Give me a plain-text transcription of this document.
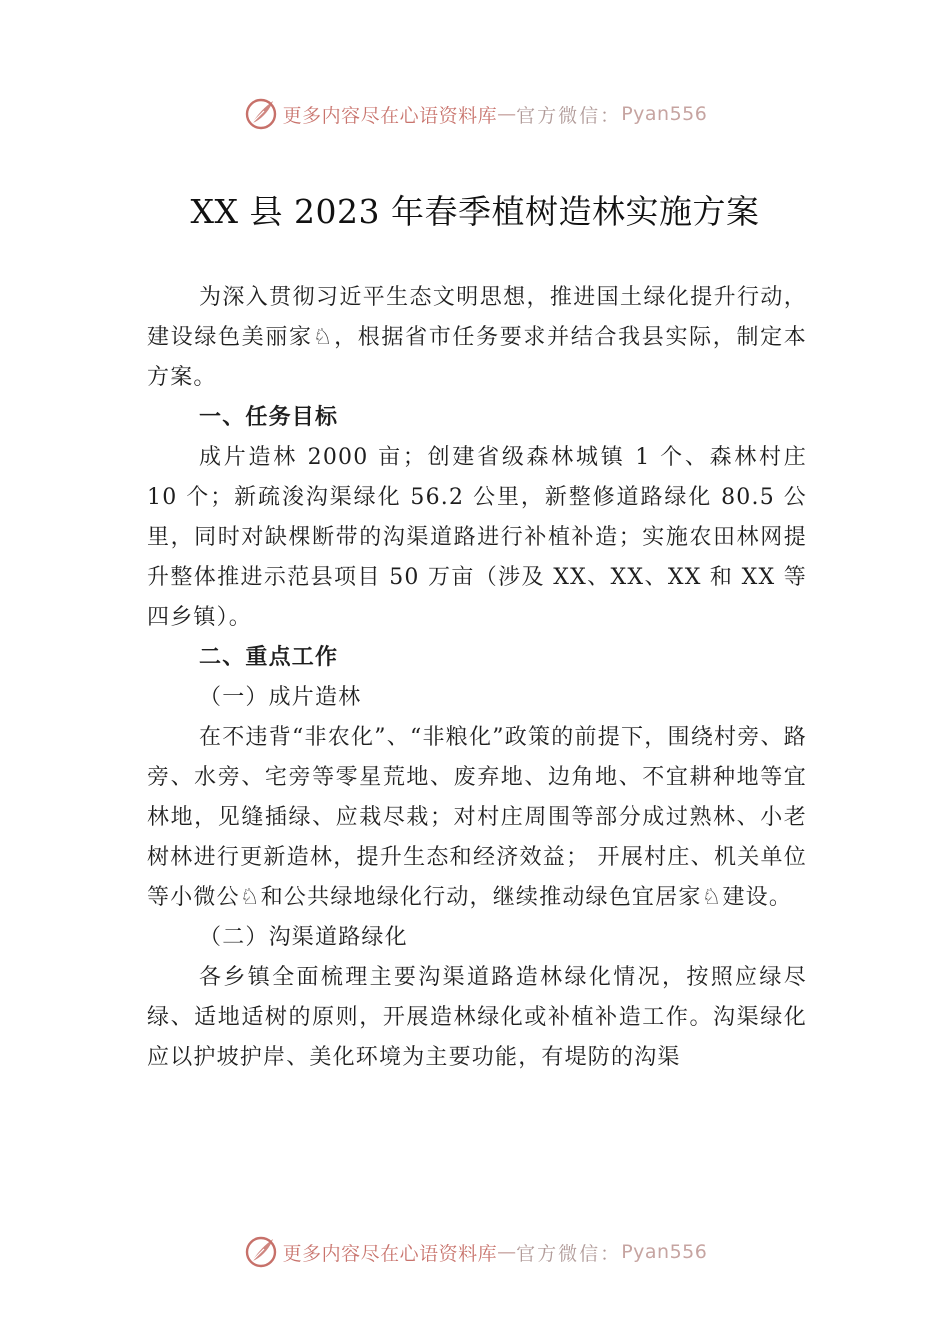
更多内容尽在心语资料库 — 官方微信： Pyan556
XX 县 2023 年春季植树造林实施方案

为深入贯彻习近平生态文明思想，推进国土绿化提升行动，建设绿色美丽家♘，根据省市任务要求并结合我县实际，制定本方案。

一、任务目标

成片造林 2000 亩；创建省级森林城镇 1 个、森林村庄 10 个；新疏浚沟渠绿化 56.2 公里，新整修道路绿化 80.5 公里，同时对缺棵断带的沟渠道路进行补植补造；实施农田林网提升整体推进示范县项目 50 万亩（涉及 XX、XX、XX 和 XX 等四乡镇）。

二、重点工作

（一）成片造林

在不违背“非农化”、“非粮化”政策的前提下，围绕村旁、路旁、水旁、宅旁等零星荒地、废弃地、边角地、不宜耕种地等宜林地，见缝插绿、应栽尽栽；对村庄周围等部分成过熟林、小老树林进行更新造林，提升生态和经济效益； 开展村庄、机关单位等小微公♘和公共绿地绿化行动，继续推动绿色宜居家♘建设。

（二）沟渠道路绿化

各乡镇全面梳理主要沟渠道路造林绿化情况，按照应绿尽绿、适地适树的原则，开展造林绿化或补植补造工作。沟渠绿化应以护坡护岸、美化环境为主要功能，有堤防的沟渠

更多内容尽在心语资料库 — 官方微信： Pyan556
